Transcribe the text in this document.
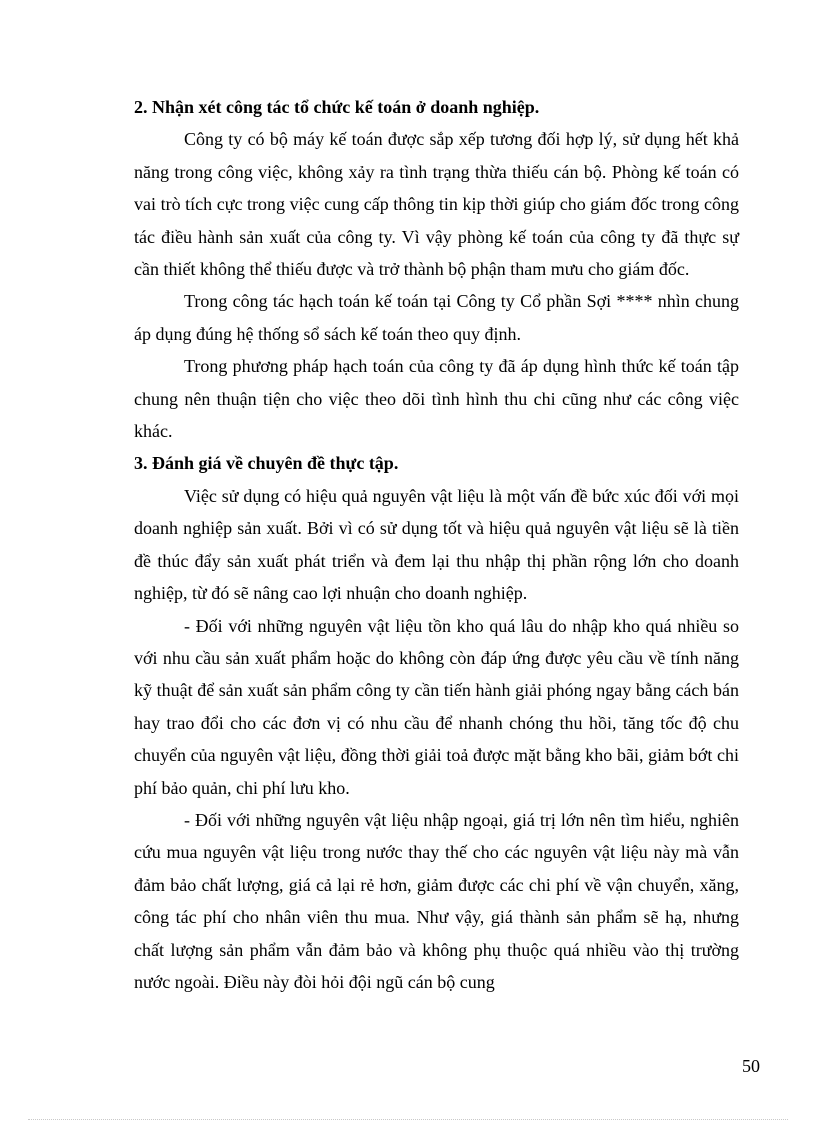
2. Nhận xét công tác tổ chức kế toán ở doanh nghiệp.

Công ty có bộ máy kế toán được sắp xếp tương đối hợp lý, sử dụng hết khả năng trong công việc, không xảy ra tình trạng thừa thiếu cán bộ. Phòng kế toán có vai trò tích cực trong việc cung cấp thông tin kịp thời giúp cho giám đốc trong công tác điều hành sản xuất của công ty. Vì vậy phòng kế toán của công ty đã thực sự cần thiết không thể thiếu được và trở thành bộ phận tham mưu cho giám đốc.

Trong công tác hạch toán kế toán tại Công ty Cổ phần Sợi **** nhìn chung áp dụng đúng hệ thống sổ sách kế toán theo quy định.

Trong phương pháp hạch toán của công ty đã áp dụng hình thức kế toán tập chung nên thuận tiện cho việc theo dõi tình hình thu chi cũng như các công việc khác.

3. Đánh giá về chuyên đề thực tập.

Việc sử dụng có hiệu quả nguyên vật liệu là một vấn đề bức xúc đối với mọi doanh nghiệp sản xuất. Bởi vì có sử dụng tốt và hiệu quả nguyên vật liệu sẽ là tiền đề thúc đẩy sản xuất phát triển và đem lại thu nhập thị phần rộng lớn cho doanh nghiệp, từ đó sẽ nâng cao lợi nhuận cho doanh nghiệp.

- Đối với những nguyên vật liệu tồn kho quá lâu do nhập kho quá nhiều so với nhu cầu sản xuất phẩm hoặc do không còn đáp ứng được yêu cầu về tính năng kỹ thuật để sản xuất sản phẩm công ty cần tiến hành giải phóng ngay bằng cách bán hay trao đổi cho các đơn vị có nhu cầu để nhanh chóng thu hồi, tăng tốc độ chu chuyển của nguyên vật liệu, đồng thời giải toả được mặt bằng kho bãi, giảm bớt chi phí bảo quản, chi phí lưu kho.

- Đối với những nguyên vật liệu nhập ngoại, giá trị lớn nên tìm hiểu, nghiên cứu mua nguyên vật liệu trong nước thay thế cho các nguyên vật liệu này mà vẫn đảm bảo chất lượng, giá cả lại rẻ hơn, giảm được các chi phí về vận chuyển, xăng, công tác phí cho nhân viên thu mua. Như vậy, giá thành sản phẩm sẽ hạ, nhưng chất lượng sản phẩm vẫn đảm bảo và không phụ thuộc quá nhiều vào thị trường nước ngoài. Điều này đòi hỏi đội ngũ cán bộ cung

50
